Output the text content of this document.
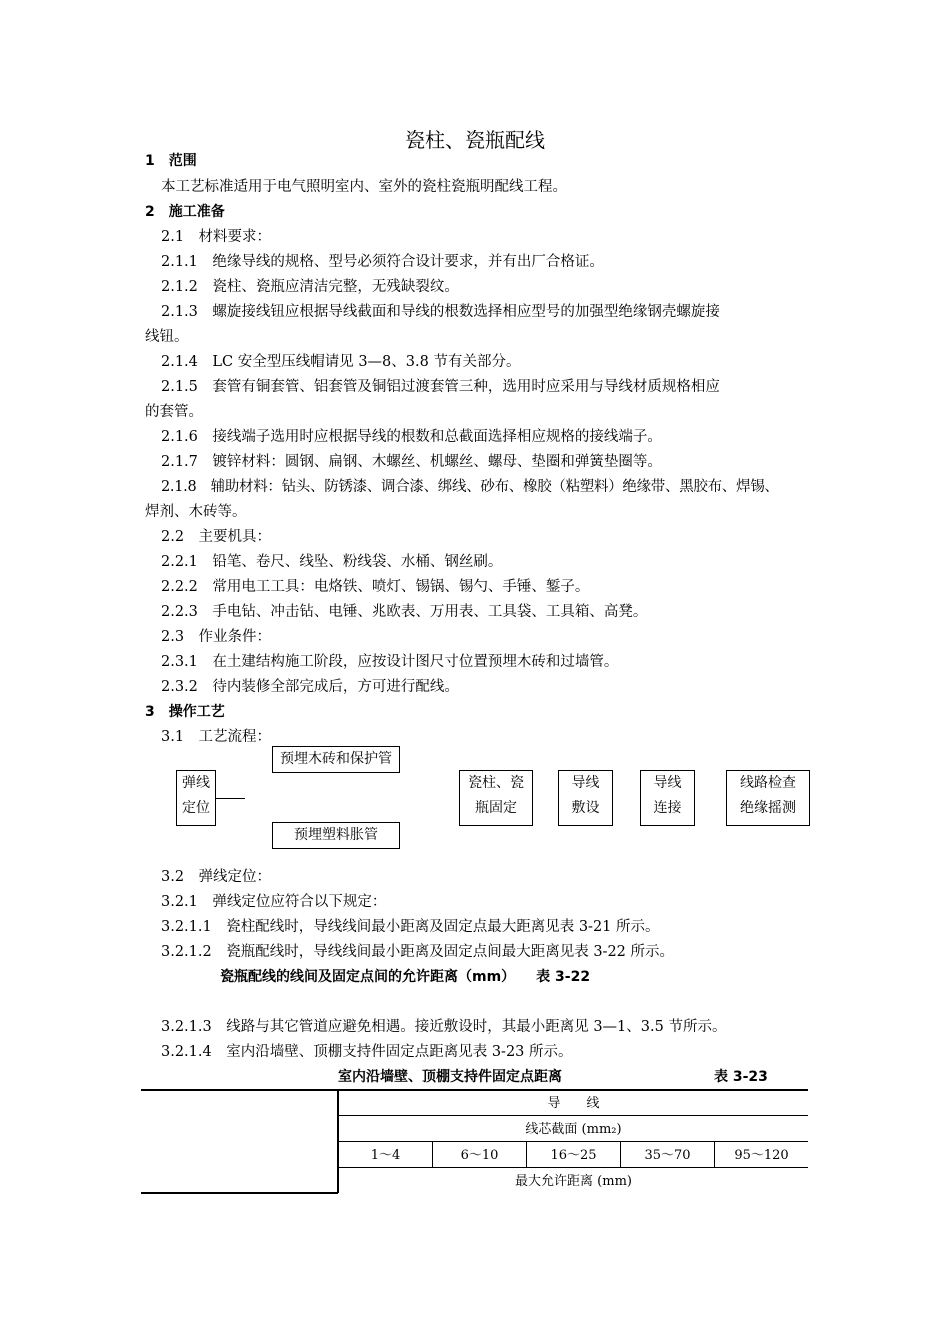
瓷柱、瓷瓶配线
1　范围
本工艺标准适用于电气照明室内、室外的瓷柱瓷瓶明配线工程。
2　施工准备
2.1　材料要求：
2.1.1　绝缘导线的规格、型号必须符合设计要求，并有出厂合格证。
2.1.2　瓷柱、瓷瓶应清洁完整，无残缺裂纹。
2.1.3　螺旋接线钮应根据导线截面和导线的根数选择相应型号的加强型绝缘钢壳螺旋接
线钮。
2.1.4　LC 安全型压线帽请见 3—8、3.8 节有关部分。
2.1.5　套管有铜套管、铝套管及铜铝过渡套管三种，选用时应采用与导线材质规格相应
的套管。
2.1.6　接线端子选用时应根据导线的根数和总截面选择相应规格的接线端子。
2.1.7　镀锌材料：圆钢、扁钢、木螺丝、机螺丝、螺母、垫圈和弹簧垫圈等。
2.1.8　辅助材料：钻头、防锈漆、调合漆、绑线、砂布、橡胶（粘塑料）绝缘带、黑胶布、焊锡、
焊剂、木砖等。
2.2　主要机具：
2.2.1　铅笔、卷尺、线坠、粉线袋、水桶、钢丝刷。
2.2.2　常用电工工具：电烙铁、喷灯、锡锅、锡勺、手锤、錾子。
2.2.3　手电钻、冲击钻、电锤、兆欧表、万用表、工具袋、工具箱、高凳。
2.3　作业条件：
2.3.1　在土建结构施工阶段，应按设计图尺寸位置预埋木砖和过墙管。
2.3.2　待内装修全部完成后，方可进行配线。
3　操作工艺
3.1　工艺流程：
弹线
定位
预埋木砖和保护管
预埋塑料胀管
瓷柱、瓷
瓶固定
导线
敷设
导线
连接
线路检查
绝缘摇测
3.2　弹线定位：
3.2.1　弹线定位应符合以下规定：
3.2.1.1　瓷柱配线时，导线线间最小距离及固定点最大距离见表 3-21 所示。
3.2.1.2　瓷瓶配线时，导线线间最小距离及固定点间最大距离见表 3-22 所示。
瓷瓶配线的线间及固定点间的允许距离（mm）　　表 3-22
3.2.1.3　线路与其它管道应避免相遇。接近敷设时，其最小距离见 3—1、3.5 节所示。
3.2.1.4　室内沿墙壁、顶棚支持件固定点距离见表 3-23 所示。
室内沿墙壁、顶棚支持件固定点距离	表 3-23
导　　线
线芯截面 (mm₂)
1～4	6～10	16～25	35～70	95～120
最大允许距离 (mm)
